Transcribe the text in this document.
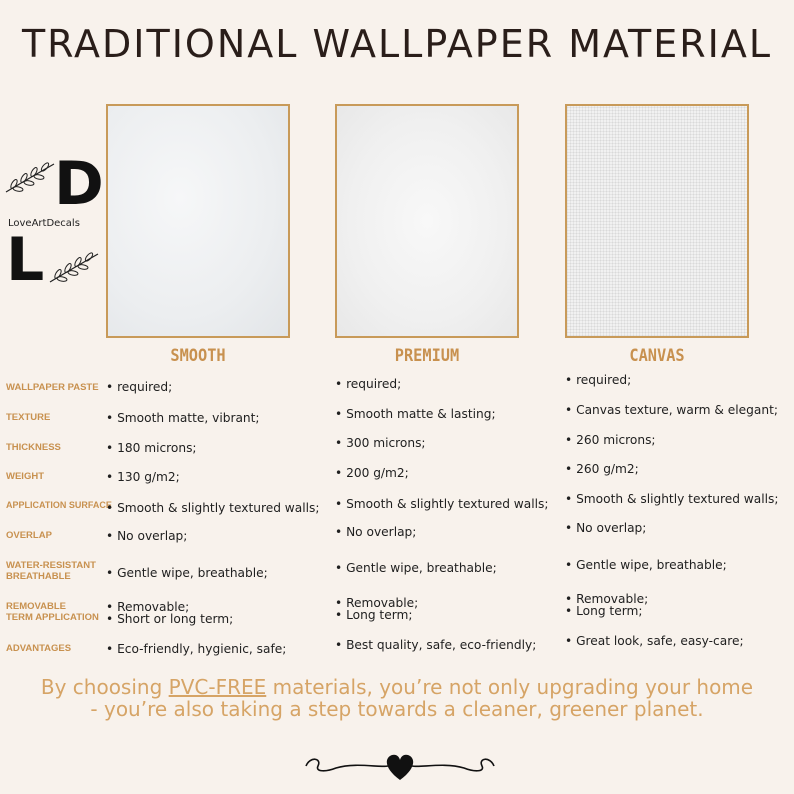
TRADITIONAL WALLPAPER MATERIAL
D
LoveArtDecals
L
SMOOTH	PREMIUM	CANVAS
WALLPAPER PASTE
TEXTURE
THICKNESS
WEIGHT
APPLICATION SURFACE
OVERLAP
WATER-RESISTANT
BREATHABLE
REMOVABLE
TERM APPLICATION
ADVANTAGES
• required;
• Smooth matte, vibrant;
• 180 microns;
• 130 g/m2;
• Smooth & slightly textured walls;
• No overlap;
• Gentle wipe, breathable;
• Removable;
• Short or long term;
• Eco-friendly, hygienic, safe;
• required;
• Smooth matte & lasting;
• 300 microns;
• 200 g/m2;
• Smooth & slightly textured walls;
• No overlap;
• Gentle wipe, breathable;
• Removable;
• Long term;
• Best quality, safe, eco-friendly;
• required;
• Canvas texture, warm & elegant;
• 260 microns;
• 260 g/m2;
• Smooth & slightly textured walls;
• No overlap;
• Gentle wipe, breathable;
• Removable;
• Long term;
• Great look, safe, easy-care;

By choosing PVC-FREE materials, you’re not only upgrading your home - you’re also taking a step towards a cleaner, greener planet.
